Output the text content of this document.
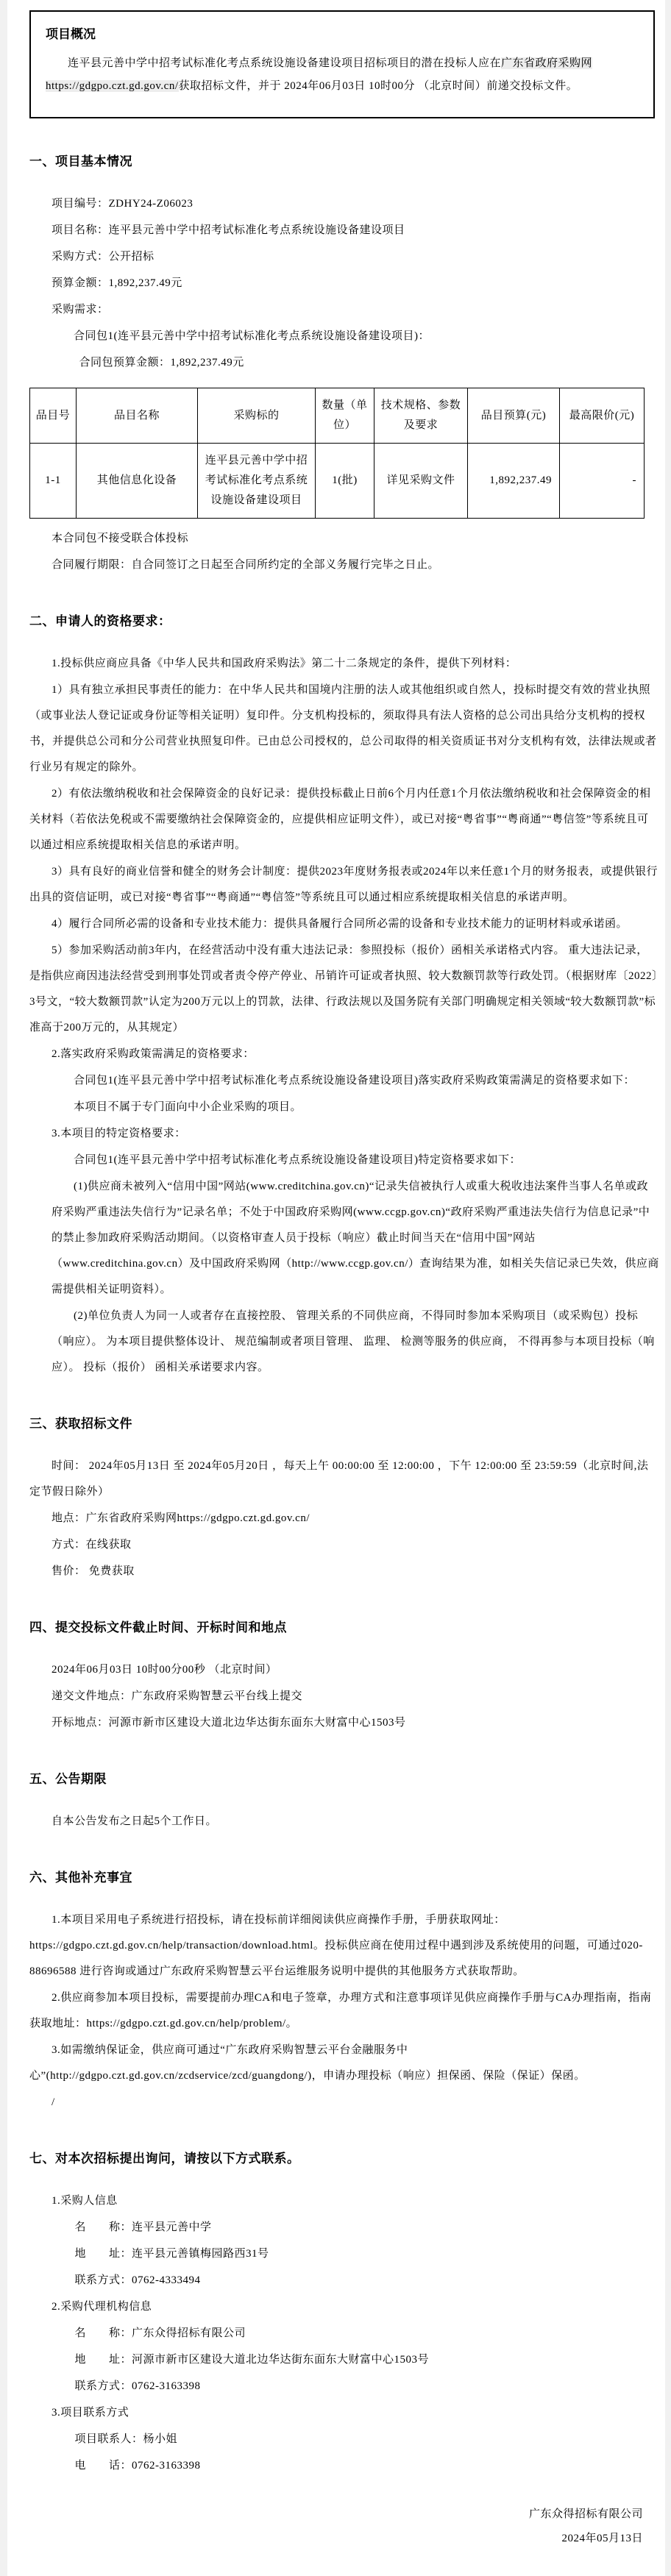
项目概况

连平县元善中学中招考试标准化考点系统设施设备建设项目招标项目的潜在投标人应在广东省政府采购网https://gdgpo.czt.gd.gov.cn/获取招标文件，并于 2024年06月03日 10时00分 （北京时间）前递交投标文件。

一、项目基本情况

项目编号：ZDHY24-Z06023

项目名称：连平县元善中学中招考试标准化考点系统设施设备建设项目

采购方式：公开招标

预算金额：1,892,237.49元

采购需求：

合同包1(连平县元善中学中招考试标准化考点系统设施设备建设项目)：

合同包预算金额：1,892,237.49元

品目号	品目名称	采购标的	数量（单位）	技术规格、参数及要求	品目预算(元)	最高限价(元)
1-1	其他信息化设备	连平县元善中学中招考试标准化考点系统设施设备建设项目	1(批)	详见采购文件	1,892,237.49	-

本合同包不接受联合体投标

合同履行期限：自合同签订之日起至合同所约定的全部义务履行完毕之日止。

二、申请人的资格要求：

1.投标供应商应具备《中华人民共和国政府采购法》第二十二条规定的条件，提供下列材料：

1）具有独立承担民事责任的能力：在中华人民共和国境内注册的法人或其他组织或自然人，投标时提交有效的营业执照（或事业法人登记证或身份证等相关证明）复印件。分支机构投标的，须取得具有法人资格的总公司出具给分支机构的授权书，并提供总公司和分公司营业执照复印件。已由总公司授权的，总公司取得的相关资质证书对分支机构有效，法律法规或者行业另有规定的除外。

2）有依法缴纳税收和社会保障资金的良好记录：提供投标截止日前6个月内任意1个月依法缴纳税收和社会保障资金的相关材料（若依法免税或不需要缴纳社会保障资金的，应提供相应证明文件），或已对接“粤省事”“粤商通”“粤信签”等系统且可以通过相应系统提取相关信息的承诺声明。

3）具有良好的商业信誉和健全的财务会计制度：提供2023年度财务报表或2024年以来任意1个月的财务报表，或提供银行出具的资信证明，或已对接“粤省事”“粤商通”“粤信签”等系统且可以通过相应系统提取相关信息的承诺声明。

4）履行合同所必需的设备和专业技术能力：提供具备履行合同所必需的设备和专业技术能力的证明材料或承诺函。

5）参加采购活动前3年内，在经营活动中没有重大违法记录：参照投标（报价）函相关承诺格式内容。 重大违法记录，是指供应商因违法经营受到刑事处罚或者责令停产停业、吊销许可证或者执照、较大数额罚款等行政处罚。（根据财库〔2022〕3号文，“较大数额罚款”认定为200万元以上的罚款，法律、行政法规以及国务院有关部门明确规定相关领域“较大数额罚款”标准高于200万元的，从其规定）

2.落实政府采购政策需满足的资格要求：

合同包1(连平县元善中学中招考试标准化考点系统设施设备建设项目)落实政府采购政策需满足的资格要求如下：

本项目不属于专门面向中小企业采购的项目。

3.本项目的特定资格要求：

合同包1(连平县元善中学中招考试标准化考点系统设施设备建设项目)特定资格要求如下：

(1)供应商未被列入“信用中国”网站(www.creditchina.gov.cn)“记录失信被执行人或重大税收违法案件当事人名单或政府采购严重违法失信行为”记录名单；不处于中国政府采购网(www.ccgp.gov.cn)“政府采购严重违法失信行为信息记录”中的禁止参加政府采购活动期间。（以资格审查人员于投标（响应）截止时间当天在“信用中国”网站（www.creditchina.gov.cn）及中国政府采购网（http://www.ccgp.gov.cn/）查询结果为准，如相关失信记录已失效，供应商需提供相关证明资料）。

(2)单位负责人为同一人或者存在直接控股、 管理关系的不同供应商，不得同时参加本采购项目（或采购包）投标（响应）。 为本项目提供整体设计、 规范编制或者项目管理、 监理、 检测等服务的供应商， 不得再参与本项目投标（响应）。 投标（报价） 函相关承诺要求内容。

三、获取招标文件

时间： 2024年05月13日 至 2024年05月20日 ，每天上午 00:00:00 至 12:00:00 ，下午 12:00:00 至 23:59:59（北京时间,法定节假日除外）

地点：广东省政府采购网https://gdgpo.czt.gd.gov.cn/

方式：在线获取

售价： 免费获取

四、提交投标文件截止时间、开标时间和地点

2024年06月03日 10时00分00秒 （北京时间）

递交文件地点：广东政府采购智慧云平台线上提交

开标地点：河源市新市区建设大道北边华达街东面东大财富中心1503号

五、公告期限

自本公告发布之日起5个工作日。

六、其他补充事宜

1.本项目采用电子系统进行招投标，请在投标前详细阅读供应商操作手册，手册获取网址：https://gdgpo.czt.gd.gov.cn/help/transaction/download.html。投标供应商在使用过程中遇到涉及系统使用的问题，可通过020-88696588 进行咨询或通过广东政府采购智慧云平台运维服务说明中提供的其他服务方式获取帮助。

2.供应商参加本项目投标，需要提前办理CA和电子签章，办理方式和注意事项详见供应商操作手册与CA办理指南，指南获取地址：https://gdgpo.czt.gd.gov.cn/help/problem/。

3.如需缴纳保证金，供应商可通过“广东政府采购智慧云平台金融服务中心”(http://gdgpo.czt.gd.gov.cn/zcdservice/zcd/guangdong/)，申请办理投标（响应）担保函、保险（保证）保函。

/

七、对本次招标提出询问，请按以下方式联系。

1.采购人信息

名　　称：连平县元善中学

地　　址：连平县元善镇梅园路西31号

联系方式：0762-4333494

2.采购代理机构信息

名　　称：广东众得招标有限公司

地　　址：河源市新市区建设大道北边华达街东面东大财富中心1503号

联系方式：0762-3163398

3.项目联系方式

项目联系人：杨小姐

电　　话：0762-3163398

广东众得招标有限公司

2024年05月13日
